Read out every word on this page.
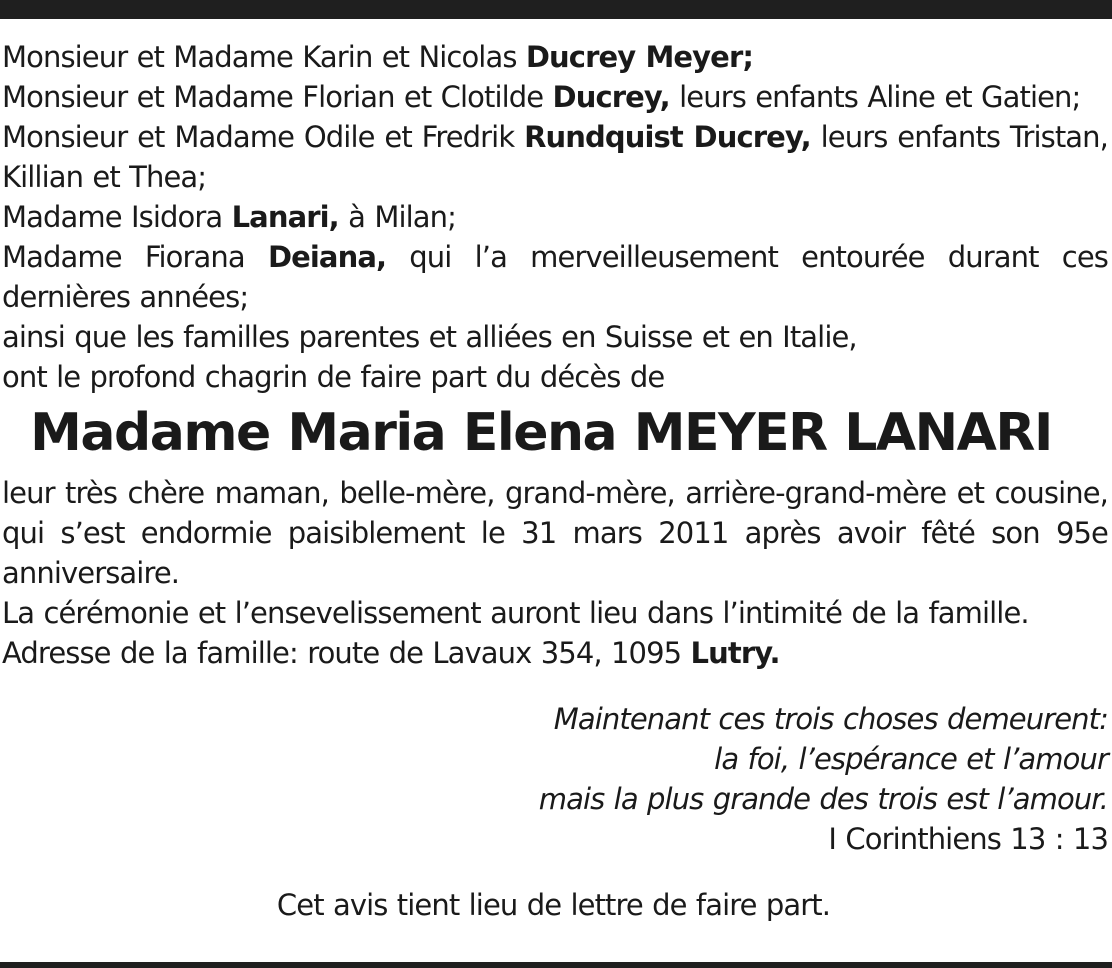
Monsieur et Madame Karin et Nicolas Ducrey Meyer;

Monsieur et Madame Florian et Clotilde Ducrey, leurs enfants Aline et Gatien;

Monsieur et Madame Odile et Fredrik Rundquist Ducrey, leurs enfants Tristan, Killian et Thea;

Madame Isidora Lanari, à Milan;

Madame Fiorana Deiana, qui l’a merveilleusement entourée durant ces dernières années;

ainsi que les familles parentes et alliées en Suisse et en Italie,

ont le profond chagrin de faire part du décès de

Madame Maria Elena MEYER LANARI

leur très chère maman, belle-mère, grand-mère, arrière-grand-mère et cousine, qui s’est endormie paisiblement le 31 mars 2011 après avoir fêté son 95e anniversaire.

La cérémonie et l’ensevelissement auront lieu dans l’intimité de la famille.

Adresse de la famille: route de Lavaux 354, 1095 Lutry.

Maintenant ces trois choses demeurent:
la foi, l’espérance et l’amour
mais la plus grande des trois est l’amour.
I Corinthiens 13 : 13
Cet avis tient lieu de lettre de faire part.
